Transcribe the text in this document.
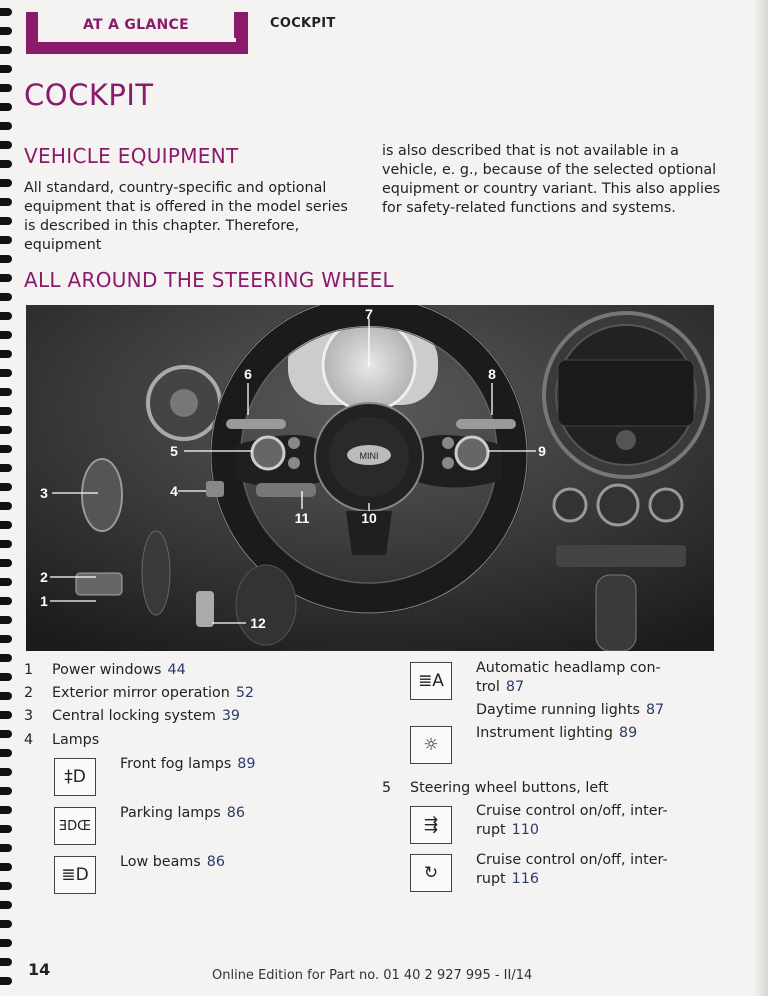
AT A GLANCE	COCKPIT
COCKPIT
VEHICLE EQUIPMENT
All standard, country-specific and optional equipment that is offered in the model series is described in this chapter. Therefore, equipment
is also described that is not available in a vehicle, e. g., because of the selected optional equipment or country variant. This also applies for safety-related functions and systems.
ALL AROUND THE STEERING WHEEL
MINI
7
6	8
5	9
4
3
11	10
2
1
12
1 Power windows 44
2 Exterior mirror operation 52
3 Central locking system 39
4 Lamps
‡D
Front fog lamps 89
ƎDŒ
Parking lamps 86
≣D
Low beams 86
≣A
Automatic headlamp con-
trol 87
Daytime running lights 87
☼
Instrument lighting 89
5 Steering wheel buttons, left
⇶
Cruise control on/off, inter-
rupt 110
↻
Cruise control on/off, inter-
rupt 116
14	Online Edition for Part no. 01 40 2 927 995 - II/14
